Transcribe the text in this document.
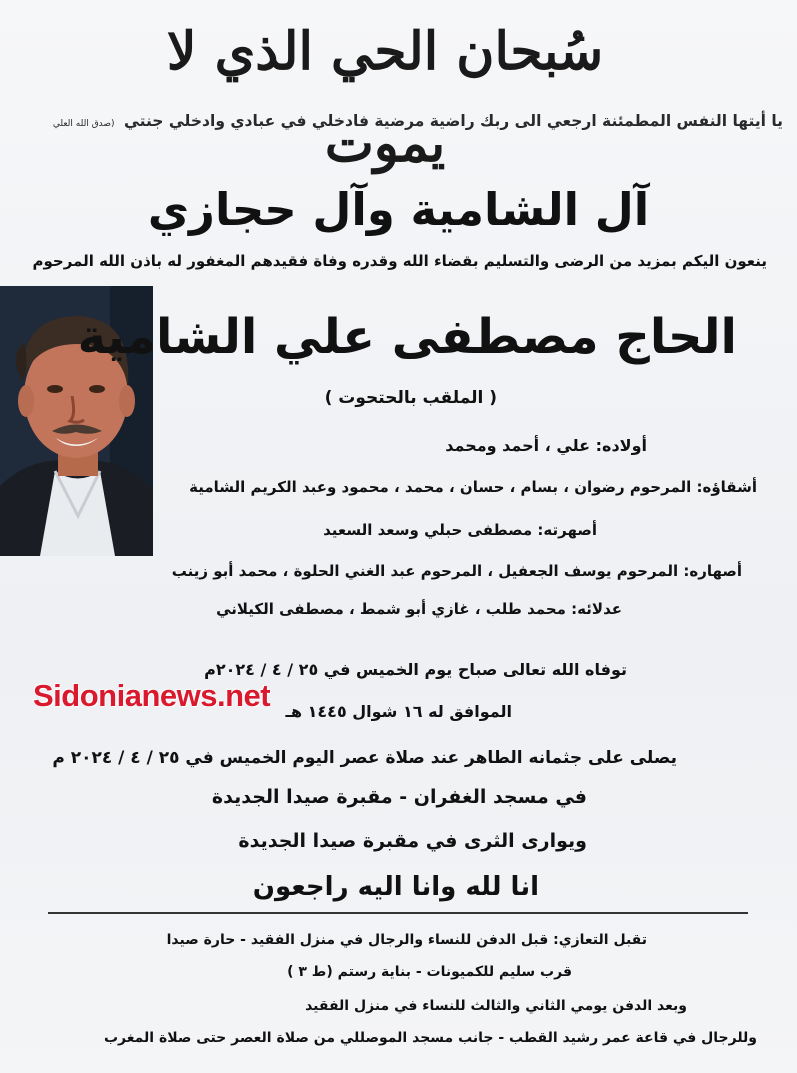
سُبحان الحي الذي لا يموت
يا أيتها النفس المطمئنة ارجعي الى ربك راضية مرضية فادخلي في عبادي وادخلي جنتي (صدق الله العلي
آل الشامية وآل حجازي
ينعون اليكم بمزيد من الرضى والتسليم بقضاء الله وقدره وفاة فقيدهم المغفور له باذن الله المرحوم
الحاج مصطفى علي الشامية
( الملقب بالحتحوت )
أولاده: علي ، أحمد ومحمد
أشقاؤه: المرحوم رضوان ، بسام ، حسان ، محمد ، محمود وعبد الكريم الشامية
أصهرته: مصطفى حبلي وسعد السعيد
أصهاره: المرحوم يوسف الجعفيل ، المرحوم عبد الغني الحلوة ، محمد أبو زينب
عدلائه: محمد طلب ، غازي أبو شمط ، مصطفى الكيلاني
توفاه الله تعالى صباح يوم الخميس في ٢٥ / ٤ / ٢٠٢٤م
Sidonianews.net الموافق له ١٦ شوال ١٤٤٥ هـ
يصلى على جثمانه الطاهر عند صلاة عصر اليوم الخميس في ٢٥ / ٤ / ٢٠٢٤ م
في مسجد الغفران - مقبرة صيدا الجديدة
ويوارى الثرى في مقبرة صيدا الجديدة
انا لله وانا اليه راجعون
تقبل التعازي: قبل الدفن للنساء والرجال في منزل الفقيد - حارة صيدا
قرب سليم للكميونات - بناية رستم (ط ٣ )
وبعد الدفن يومي الثاني والثالث للنساء في منزل الفقيد
وللرجال في قاعة عمر رشيد القطب - جانب مسجد الموصللي من صلاة العصر حتى صلاة المغرب
